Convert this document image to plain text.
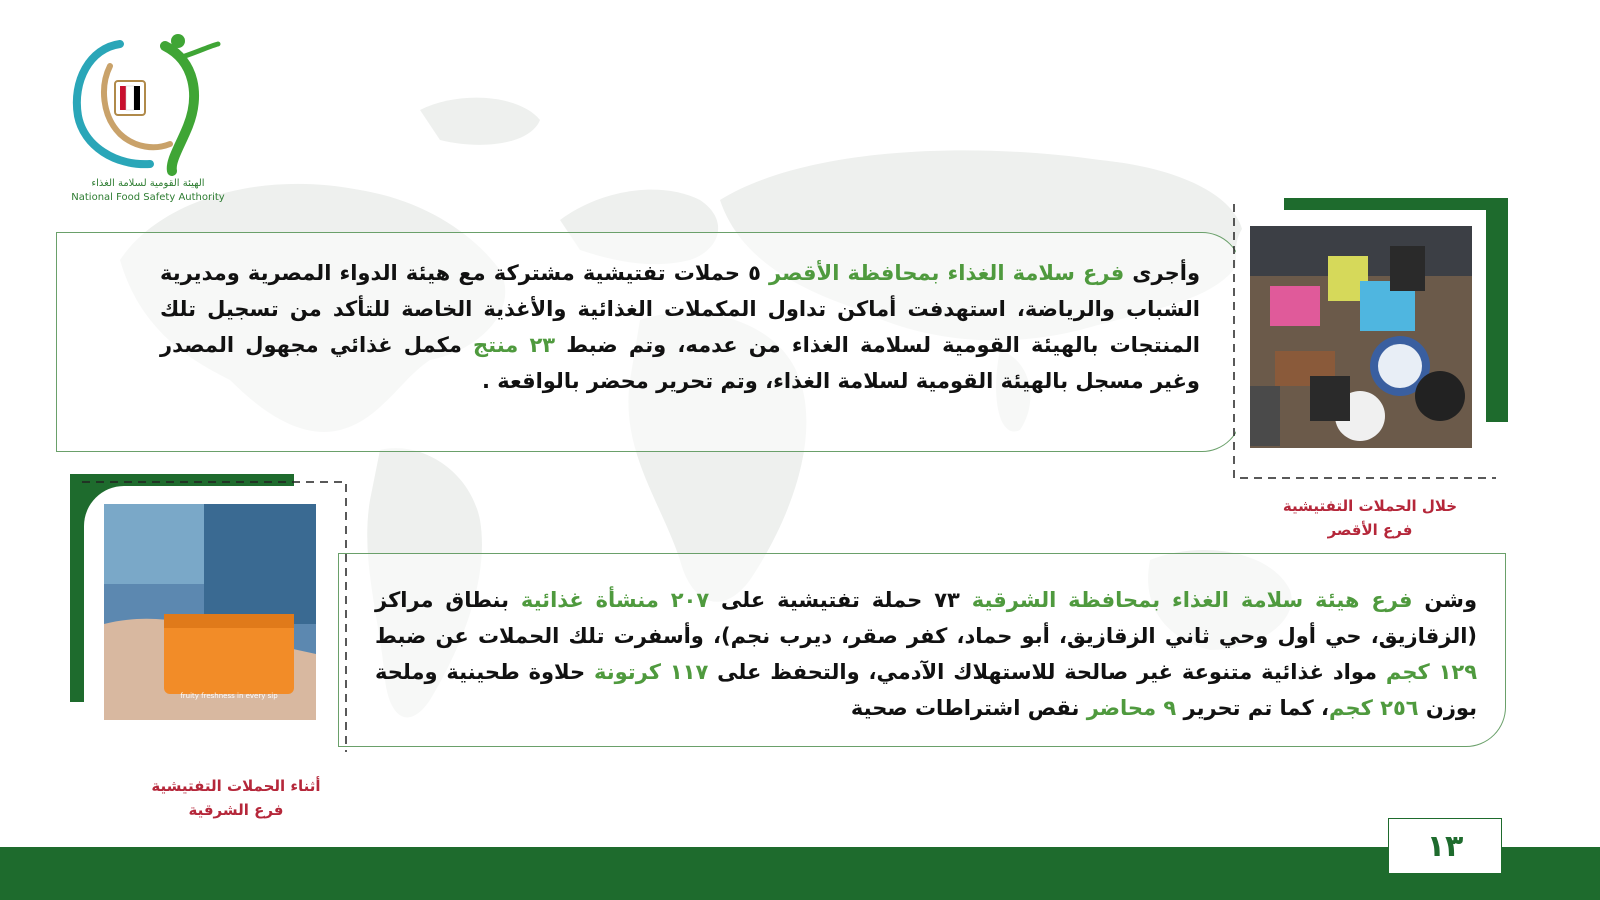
NFSA
الهيئة القومية لسلامة الغذاء
National Food Safety Authority
وأجرى فرع سلامة الغذاء بمحافظة الأقصر ٥ حملات تفتيشية مشتركة مع هيئة الدواء المصرية ومديرية الشباب والرياضة، استهدفت أماكن تداول المكملات الغذائية والأغذية الخاصة للتأكد من تسجيل تلك المنتجات بالهيئة القومية لسلامة الغذاء من عدمه، وتم ضبط ٢٣ منتج مكمل غذائي مجهول المصدر وغير مسجل بالهيئة القومية لسلامة الغذاء، وتم تحرير محضر بالواقعة .
خلال الحملات التفتيشية
فرع الأقصر
وشن فرع هيئة سلامة الغذاء بمحافظة الشرقية ٧٣ حملة تفتيشية على ٢٠٧ منشأة غذائية بنطاق مراكز (الزقازيق، حي أول وحي ثاني الزقازيق، أبو حماد، كفر صقر، ديرب نجم)، وأسفرت تلك الحملات عن ضبط ١٢٩ كجم مواد غذائية متنوعة غير صالحة للاستهلاك الآدمي، والتحفظ على ١١٧ كرتونة حلاوة طحينية وملحة بوزن ٢٥٦ كجم، كما تم تحرير ٩ محاضر نقص اشتراطات صحية
fruity freshness in every sip
أثناء الحملات التفتيشية
فرع الشرقية
١٣
